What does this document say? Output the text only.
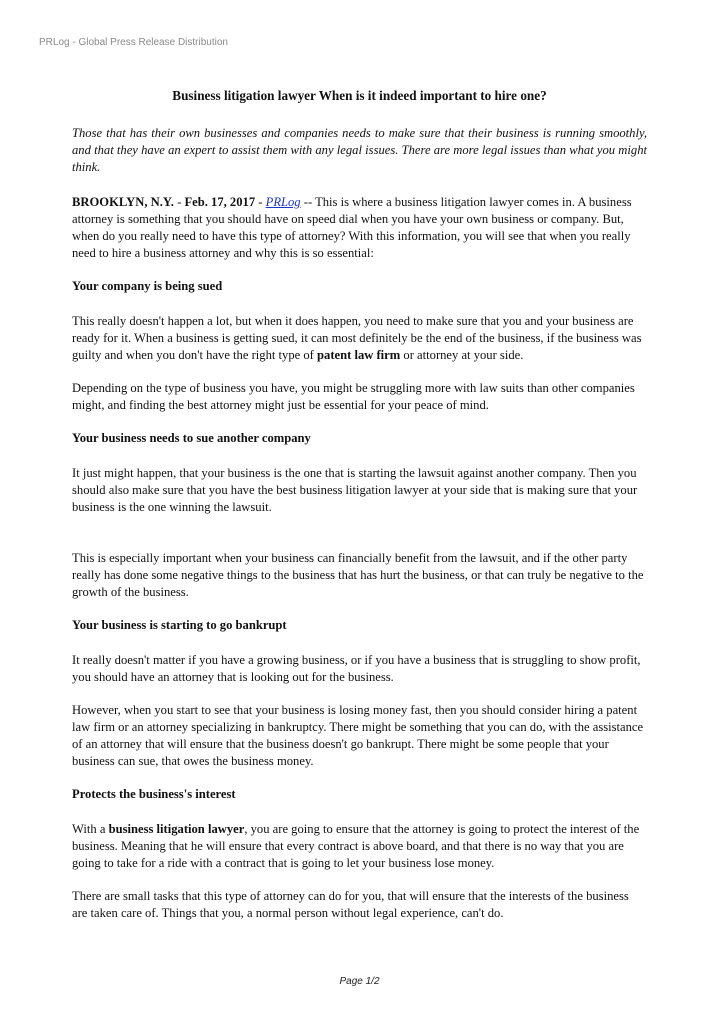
PRLog - Global Press Release Distribution
Business litigation lawyer When is it indeed important to hire one?

Those that has their own businesses and companies needs to make sure that their business is running smoothly, and that they have an expert to assist them with any legal issues. There are more legal issues than what you might think.

BROOKLYN, N.Y. - Feb. 17, 2017 - PRLog -- This is where a business litigation lawyer comes in. A business attorney is something that you should have on speed dial when you have your own business or company. But, when do you really need to have this type of attorney? With this information, you will see that when you really need to hire a business attorney and why this is so essential:

Your company is being sued

This really doesn't happen a lot, but when it does happen, you need to make sure that you and your business are ready for it. When a business is getting sued, it can most definitely be the end of the business, if the business was guilty and when you don't have the right type of patent law firm or attorney at your side.

Depending on the type of business you have, you might be struggling more with law suits than other companies might, and finding the best attorney might just be essential for your peace of mind.

Your business needs to sue another company

It just might happen, that your business is the one that is starting the lawsuit against another company. Then you should also make sure that you have the best business litigation lawyer at your side that is making sure that your business is the one winning the lawsuit.

This is especially important when your business can financially benefit from the lawsuit, and if the other party really has done some negative things to the business that has hurt the business, or that can truly be negative to the growth of the business.

Your business is starting to go bankrupt

It really doesn't matter if you have a growing business, or if you have a business that is struggling to show profit, you should have an attorney that is looking out for the business.

However, when you start to see that your business is losing money fast, then you should consider hiring a patent law firm or an attorney specializing in bankruptcy. There might be something that you can do, with the assistance of an attorney that will ensure that the business doesn't go bankrupt. There might be some people that your business can sue, that owes the business money.

Protects the business's interest

With a business litigation lawyer, you are going to ensure that the attorney is going to protect the interest of the business. Meaning that he will ensure that every contract is above board, and that there is no way that you are going to take for a ride with a contract that is going to let your business lose money.

There are small tasks that this type of attorney can do for you, that will ensure that the interests of the business are taken care of. Things that you, a normal person without legal experience, can't do.

Page 1/2
